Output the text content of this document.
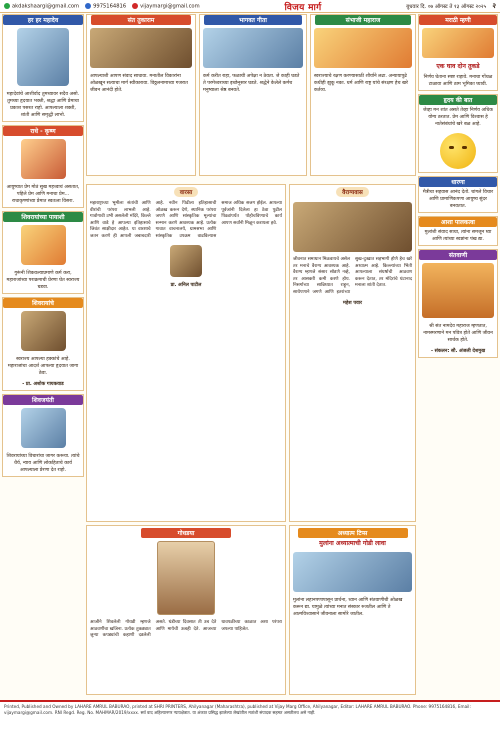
akdakshaargi@gmail.com	9975164816	vijaymargi@gmail.com	विजय मार्ग	बुधवार दि. ०७ ऑगस्ट ते १३ ऑगस्ट २०२५ २
हर हर महादेव
महादेवांचे आशीर्वाद तुमच्यावर सदैव असो. तुमच्या हृदयात भक्ती, श्रद्धा आणि प्रेमाचा प्रकाश पसरत राहो. आपल्याला शक्ती, शांती आणि समृद्धी लाभो.
राधे - कृष्ण
आयुष्यात प्रेम मोठं सुख महत्त्वाचं असतात, पहिले प्रेम आणि मनाचा प्रेम... राधाकृष्णांच्या प्रेमात स्वतःला विसरा.
शिवरायांच्या पायाशी
गुरूंनी शिकवल्याप्रमाणे कर्म करा, महाराजांच्या पराक्रमाची प्रेरणा घेत स्वराज्य घडवा.
शिवरायांचे
स्वराज्य आपल्या हक्कांचे आहे. महाराजांचा आदर्श आपल्या हृदयात जागा ठेवा.
- प्रा. अशोक गायकवाड
शिवजयंती
शिवरायांच्या विचारांचा जागर करूया. त्यांचे धैर्य, न्याय आणि लोकहिताचे कार्य आपल्याला प्रेरणा देत राहो.
संत तुकाराम
आपल्याशी आपण संवाद साधावा. मनातील विकारांना ओळखून सत्याचा मार्ग स्वीकारावा. विठ्ठलनामाच्या गजरात जीवन आनंदी होते.
भागवत गीता
कर्म करीत राहा, फळाची अपेक्षा न ठेवता. जे काही घडते ते परमेश्वराच्या इच्छेनुसार घडते. श्रद्धेने केलेले कर्मच मनुष्याला श्रेष्ठ बनवते.
संभाजी महाराज
स्वराज्याचे रक्षण करण्यासाठी शौर्याने लढा. अन्यायापुढे कधीही झुकू नका. धर्म आणि राष्ट्र यांचे संरक्षण हेच खरे कर्तव्य.
वारसा
महाराष्ट्राच्या भूमीला संतांची आणि वीरांची परंपरा लाभली आहे. गावोगावी उभी असलेली मंदिरे, किल्ले आणि वाडे हे आपल्या इतिहासाचे जिवंत साक्षीदार आहेत. या वारशाचे जतन करणे ही आपली जबाबदारी आहे. नवीन पिढीला इतिहासाची ओळख करून देणे, स्थानिक परंपरा जपणे आणि सांस्कृतिक मूल्यांचा सन्मान करणे आवश्यक आहे. प्रत्येक गावात वाचनालये, ग्रामसभा आणि सांस्कृतिक उपक्रम वाढविल्यास समाज अधिक सजग होईल. आपल्या पूर्वजांनी दिलेला हा ठेवा पुढील पिढ्यांपर्यंत पोहोचविण्याचे कार्य आपण सर्वांनी मिळून करायला हवे.
प्रा. अनिल पाटील
वैराग्यवास
जीवनात समाधान मिळवायचे असेल तर मनाचे वैराग्य आवश्यक आहे. वैराग्य म्हणजे संसार सोडणे नव्हे, तर आसक्ती कमी करणे होय. निसर्गाच्या सान्निध्यात राहून, साधेपणाने जगणे आणि इतरांच्या सुख-दुःखात सहभागी होणे हेच खरे अध्यात्म आहे. किल्ल्यांच्या भिंती आपल्याला संघर्षाची आठवण करून देतात, तर मंदिरांचे घंटानाद मनाला शांती देतात.
महेश पवार
गोधडया
आजीने शिवलेली गोधडी म्हणजे आठवणींचा खजिना. प्रत्येक तुकड्यात जुन्या कपड्यांची कहाणी दडलेली असते. थंडीच्या दिवसात ती उब देते आणि मायेची ऊबही देते. आजच्या धावपळीच्या काळात अशा परंपरा जपल्या पाहिजेत.
अध्यात्म टिप्स
मुलांना अध्यात्माची गोडी लावा
मुलांना लहानपणापासून प्रार्थना, ध्यान आणि संतवाणीची ओळख करून द्या. यामुळे त्यांच्या मनात संस्कार रुजतील आणि ते आत्मविश्वासाने जीवनाला सामोरे जातील.
मराठी म्हणी
एक घाव दोन तुकडे
निर्णय घेताना स्पष्ट राहावे. मनाचा गोंधळ टाळावा आणि ठाम भूमिका घ्यावी.
हृदय की बात
जेव्हा मन शांत असते तेव्हा निर्णय अधिक योग्य ठरतात. प्रेम आणि विश्वास हे नातेसंबंधांचे खरे बळ आहे.
धारणा
मैत्रीचा सहवास आनंद देतो. चांगले विचार आणि प्रामाणिकपणा आयुष्य सुंदर बनवतात.
आशा पालकत्वा
मुलांशी संवाद साधा, त्यांना समजून घ्या आणि त्यांच्या स्वप्नांना पंख द्या.
संतवाणी
श्री संत नामदेव महाराज म्हणतात, नामस्मरणाने मन पवित्र होते आणि जीवन सार्थक होते.
- संकलन: सौ. अंजली देशमुख
Printed, Published and Owned by LAHARE AMRUL BABURAO, printed at SHRI PRINTERS, Ahilyanagar (Maharashtra), published at Vijay Marg Office, Ahilyanagar, Editor: LAHARE AMRUL BABURAO. Phone: 9975164816, Email: vijaymargi@gmail.com. RNI Regd. Reg. No. MAHMAR/2019/xxxx. सर्व वाद अहिल्यानगर न्यायक्षेत्रात. या अंकात प्रसिद्ध झालेल्या लेखांतील मतांशी संपादक सहमत असतीलच असे नाही.
